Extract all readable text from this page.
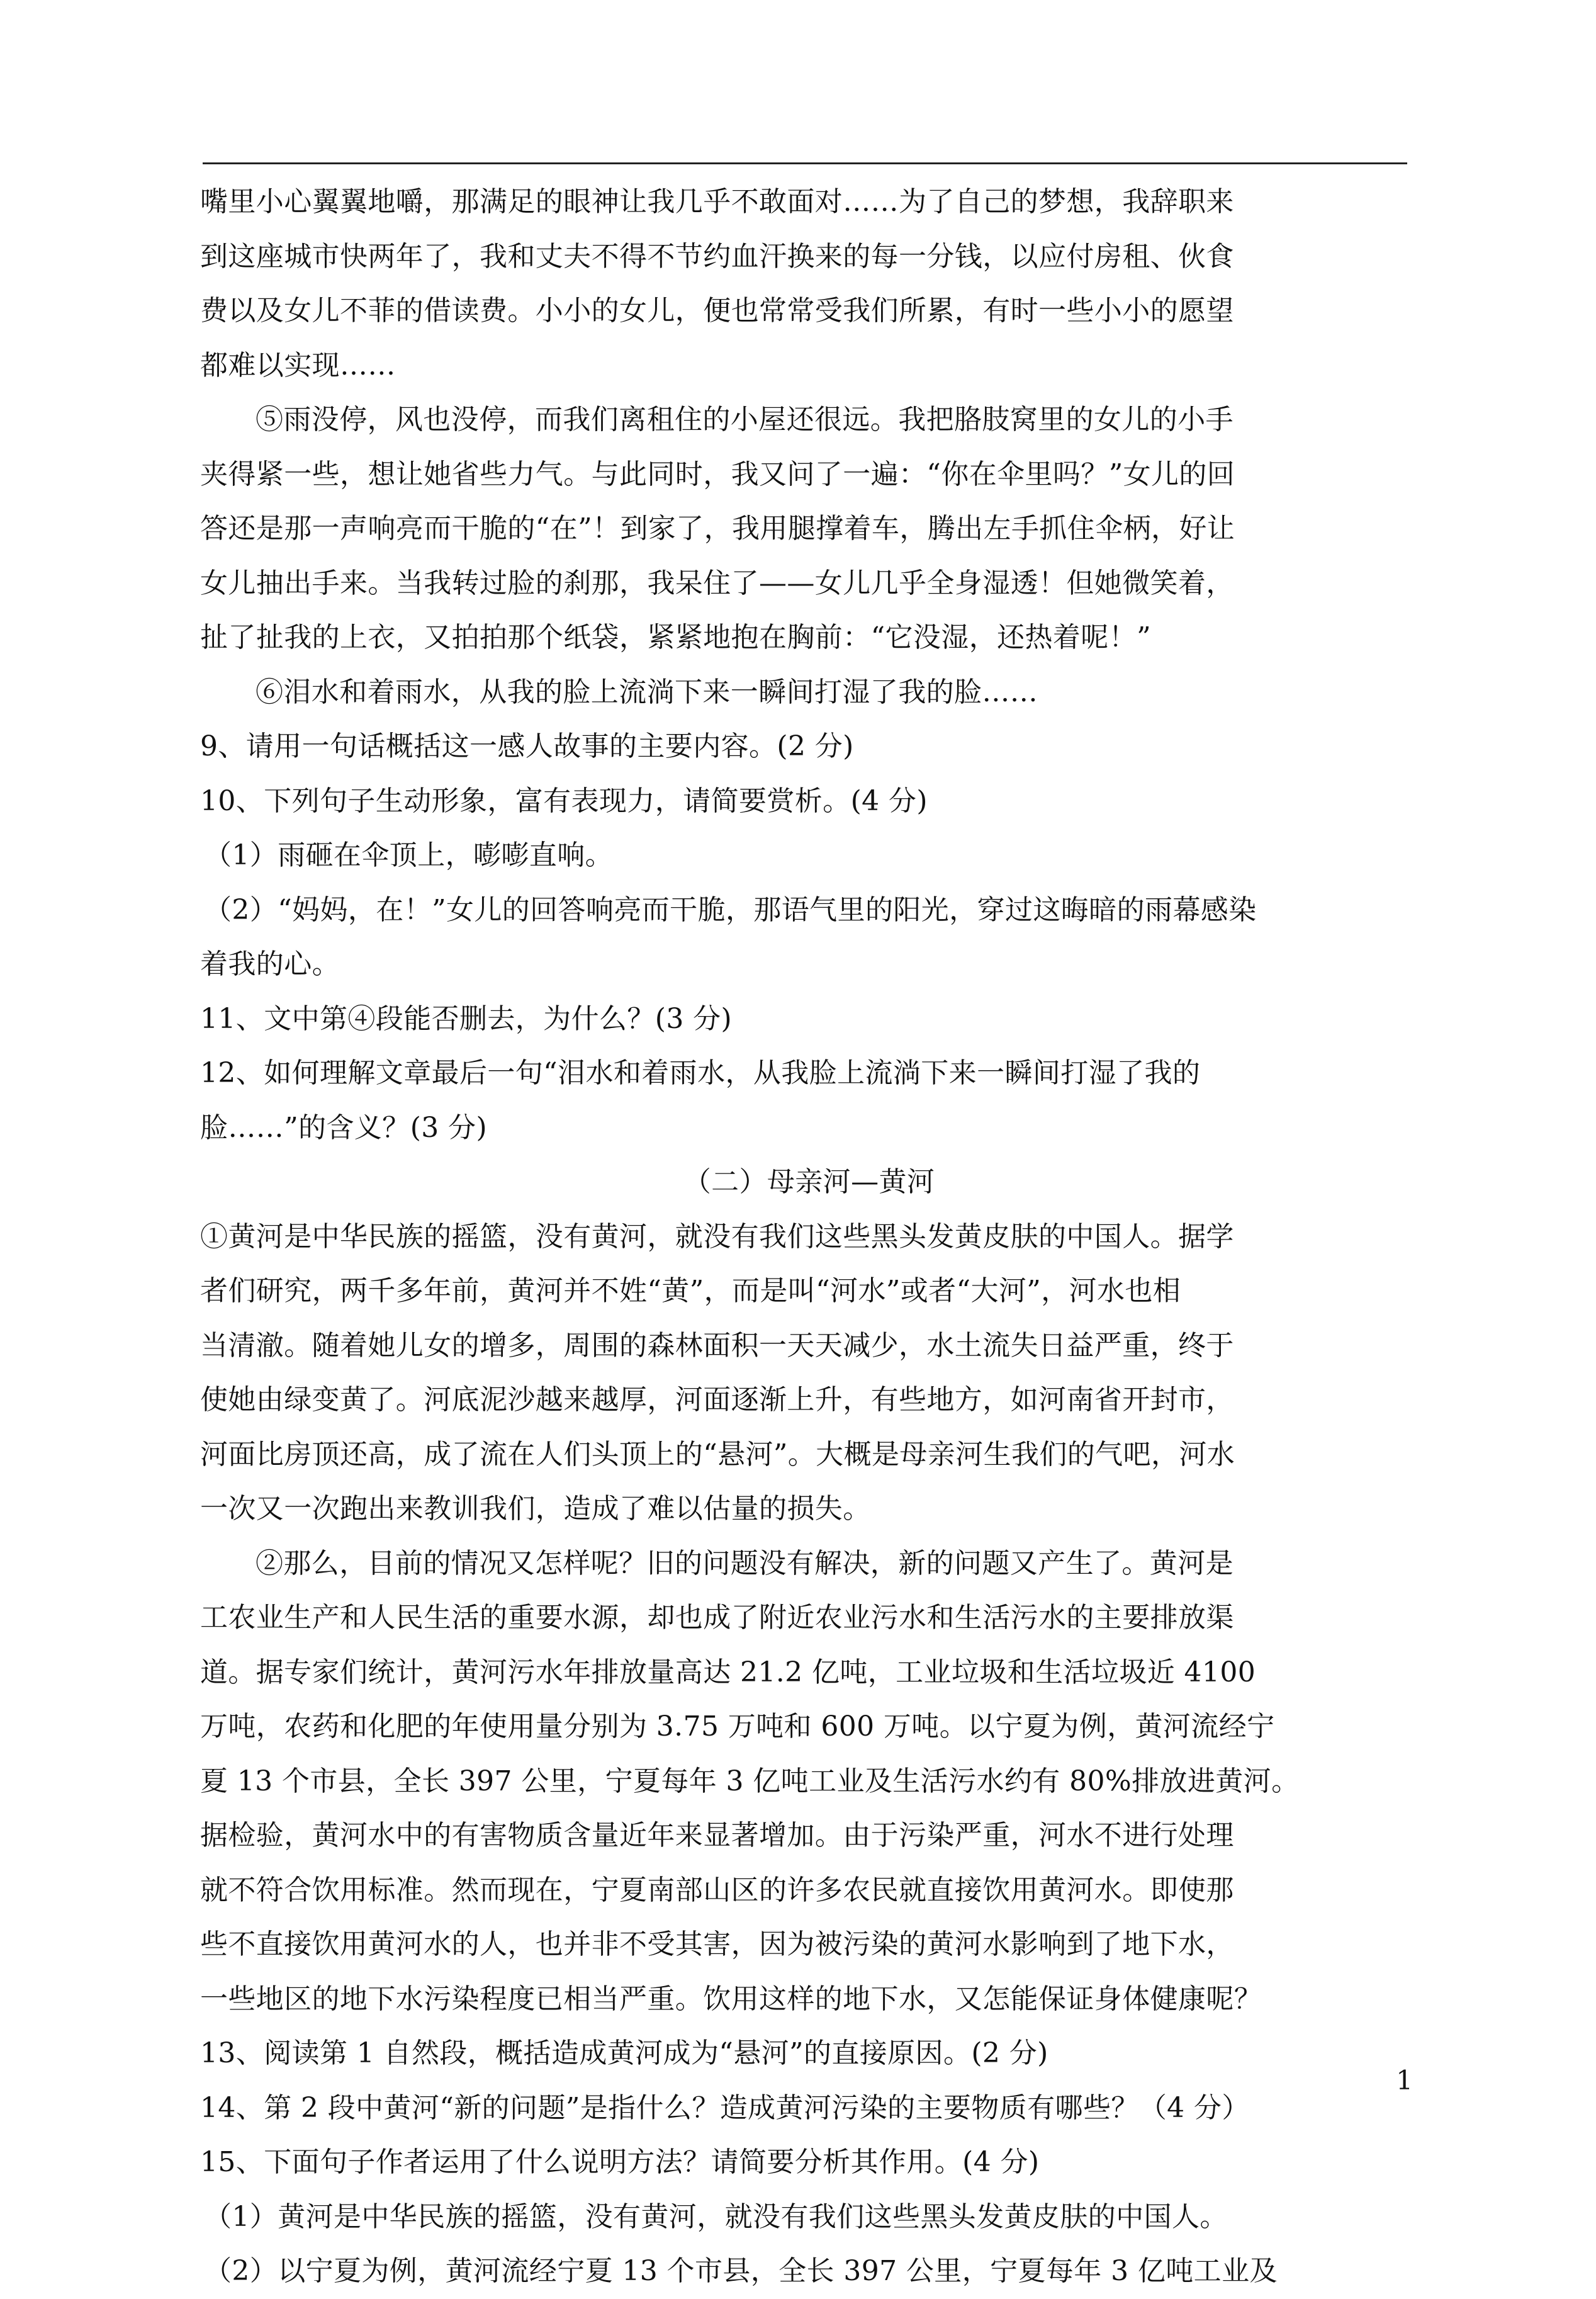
嘴里小心翼翼地嚼，那满足的眼神让我几乎不敢面对……为了自己的梦想，我辞职来
到这座城市快两年了，我和丈夫不得不节约血汗换来的每一分钱，以应付房租、伙食
费以及女儿不菲的借读费。小小的女儿，便也常常受我们所累，有时一些小小的愿望
都难以实现……
⑤雨没停，风也没停，而我们离租住的小屋还很远。我把胳肢窝里的女儿的小手
夹得紧一些，想让她省些力气。与此同时，我又问了一遍：“你在伞里吗？”女儿的回
答还是那一声响亮而干脆的“在”！到家了，我用腿撑着车，腾出左手抓住伞柄，好让
女儿抽出手来。当我转过脸的刹那，我呆住了——女儿几乎全身湿透！但她微笑着，
扯了扯我的上衣，又拍拍那个纸袋，紧紧地抱在胸前：“它没湿，还热着呢！”
⑥泪水和着雨水，从我的脸上流淌下来一瞬间打湿了我的脸……
9、请用一句话概括这一感人故事的主要内容。(2 分)
10、下列句子生动形象，富有表现力，请简要赏析。(4 分)
（1）雨砸在伞顶上，嘭嘭直响。
（2）“妈妈，在！”女儿的回答响亮而干脆，那语气里的阳光，穿过这晦暗的雨幕感染
着我的心。
11、文中第④段能否删去，为什么？(3 分)
12、如何理解文章最后一句“泪水和着雨水，从我脸上流淌下来一瞬间打湿了我的
脸……”的含义？(3 分)
（二）母亲河—黄河
①黄河是中华民族的摇篮，没有黄河，就没有我们这些黑头发黄皮肤的中国人。据学
者们研究，两千多年前，黄河并不姓“黄”，而是叫“河水”或者“大河”，河水也相
当清澈。随着她儿女的增多，周围的森林面积一天天减少，水土流失日益严重，终于
使她由绿变黄了。河底泥沙越来越厚，河面逐渐上升，有些地方，如河南省开封市，
河面比房顶还高，成了流在人们头顶上的“悬河”。大概是母亲河生我们的气吧，河水
一次又一次跑出来教训我们，造成了难以估量的损失。
②那么，目前的情况又怎样呢？旧的问题没有解决，新的问题又产生了。黄河是
工农业生产和人民生活的重要水源，却也成了附近农业污水和生活污水的主要排放渠
道。据专家们统计，黄河污水年排放量高达 21.2 亿吨，工业垃圾和生活垃圾近 4100
万吨，农药和化肥的年使用量分别为 3.75 万吨和 600 万吨。以宁夏为例，黄河流经宁
夏 13 个市县，全长 397 公里，宁夏每年 3 亿吨工业及生活污水约有 80%排放进黄河。
据检验，黄河水中的有害物质含量近年来显著增加。由于污染严重，河水不进行处理
就不符合饮用标准。然而现在，宁夏南部山区的许多农民就直接饮用黄河水。即使那
些不直接饮用黄河水的人，也并非不受其害，因为被污染的黄河水影响到了地下水，
一些地区的地下水污染程度已相当严重。饮用这样的地下水，又怎能保证身体健康呢？
13、阅读第 1 自然段，概括造成黄河成为“悬河”的直接原因。(2 分)
14、第 2 段中黄河“新的问题”是指什么？造成黄河污染的主要物质有哪些？（4 分）
15、下面句子作者运用了什么说明方法？请简要分析其作用。(4 分)
（1）黄河是中华民族的摇篮，没有黄河，就没有我们这些黑头发黄皮肤的中国人。
（2）以宁夏为例，黄河流经宁夏 13 个市县，全长 397 公里，宁夏每年 3 亿吨工业及
1
